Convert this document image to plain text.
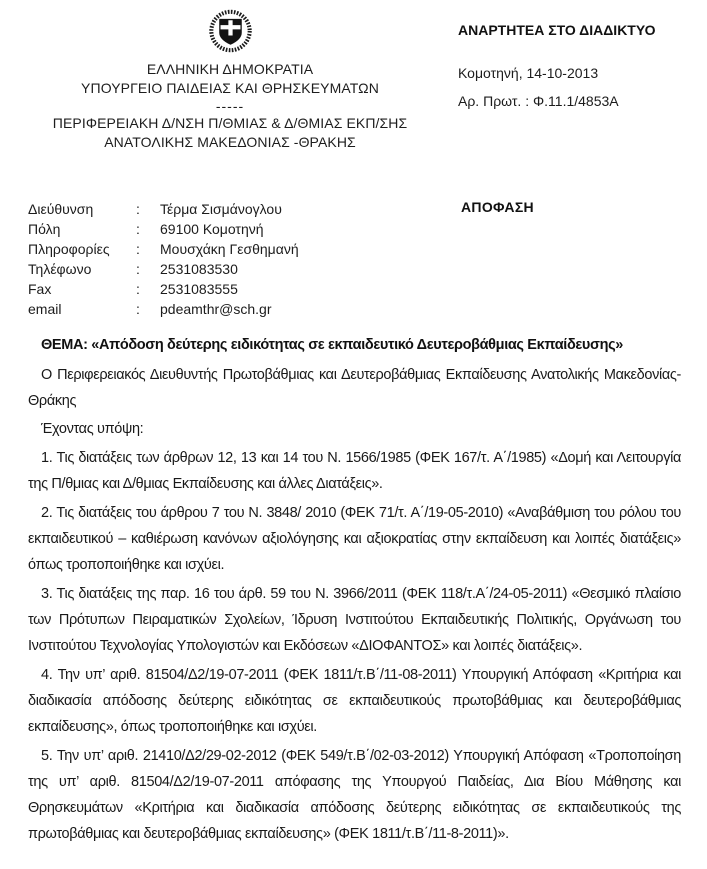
ΕΛΛΗΝΙΚΗ ΔΗΜΟΚΡΑΤΙΑ
ΥΠΟΥΡΓΕΙΟ ΠΑΙΔΕΙΑΣ ΚΑΙ ΘΡΗΣΚΕΥΜΑΤΩΝ
-----
ΠΕΡΙΦΕΡΕΙΑΚΗ Δ/ΝΣΗ Π/ΘΜΙΑΣ & Δ/ΘΜΙΑΣ ΕΚΠ/ΣΗΣ
ΑΝΑΤΟΛΙΚΗΣ ΜΑΚΕΔΟΝΙΑΣ -ΘΡΑΚΗΣ
ΑΝΑΡΤΗΤΕΑ ΣΤΟ ΔΙΑΔΙΚΤΥΟ
Κομοτηνή, 14-10-2013
Αρ. Πρωτ. : Φ.11.1/4853Α
Διεύθυνση	:	Τέρμα Σισμάνογλου
Πόλη	:	69100 Κομοτηνή
Πληροφορίες	:	Μουσχάκη Γεσθημανή
Τηλέφωνο	:	2531083530
Fax	:	2531083555
email	:	pdeamthr@sch.gr
ΑΠΟΦΑΣΗ

ΘΕΜΑ: «Απόδοση δεύτερης ειδικότητας σε εκπαιδευτικό Δευτεροβάθμιας Εκπαίδευσης»

Ο Περιφερειακός Διευθυντής Πρωτοβάθμιας και Δευτεροβάθμιας Εκπαίδευσης Ανατολικής Μακεδονίας-Θράκης

Έχοντας υπόψη:

1. Τις διατάξεις των άρθρων 12, 13 και 14 του Ν. 1566/1985 (ΦΕΚ 167/τ. Α΄/1985) «Δομή και Λειτουργία της Π/θμιας και Δ/θμιας Εκπαίδευσης και άλλες Διατάξεις».

2. Τις διατάξεις του άρθρου 7 του Ν. 3848/ 2010 (ΦΕΚ 71/τ. Α΄/19-05-2010) «Αναβάθμιση του ρόλου του εκπαιδευτικού – καθιέρωση κανόνων αξιολόγησης και αξιοκρατίας στην εκπαίδευση και λοιπές διατάξεις» όπως τροποποιήθηκε και ισχύει.

3. Τις διατάξεις της παρ. 16 του άρθ. 59 του Ν. 3966/2011 (ΦΕΚ 118/τ.Α΄/24-05-2011) «Θεσμικό πλαίσιο των Πρότυπων Πειραματικών Σχολείων, Ίδρυση Ινστιτούτου Εκπαιδευτικής Πολιτικής, Οργάνωση του Ινστιτούτου Τεχνολογίας Υπολογιστών και Εκδόσεων «ΔΙΟΦΑΝΤΟΣ» και λοιπές διατάξεις».

4. Την υπ’ αριθ. 81504/Δ2/19-07-2011 (ΦΕΚ 1811/τ.Β΄/11-08-2011) Υπουργική Απόφαση «Κριτήρια και διαδικασία απόδοσης δεύτερης ειδικότητας σε εκπαιδευτικούς πρωτοβάθμιας και δευτεροβάθμιας εκπαίδευσης», όπως τροποποιήθηκε και ισχύει.

5. Την υπ’ αριθ. 21410/Δ2/29-02-2012 (ΦΕΚ 549/τ.Β΄/02-03-2012) Υπουργική Απόφαση «Τροποποίηση της υπ’ αριθ. 81504/Δ2/19-07-2011 απόφασης της Υπουργού Παιδείας, Δια Βίου Μάθησης και Θρησκευμάτων «Κριτήρια και διαδικασία απόδοσης δεύτερης ειδικότητας σε εκπαιδευτικούς της πρωτοβάθμιας και δευτεροβάθμιας εκπαίδευσης» (ΦΕΚ 1811/τ.Β΄/11-8-2011)».
